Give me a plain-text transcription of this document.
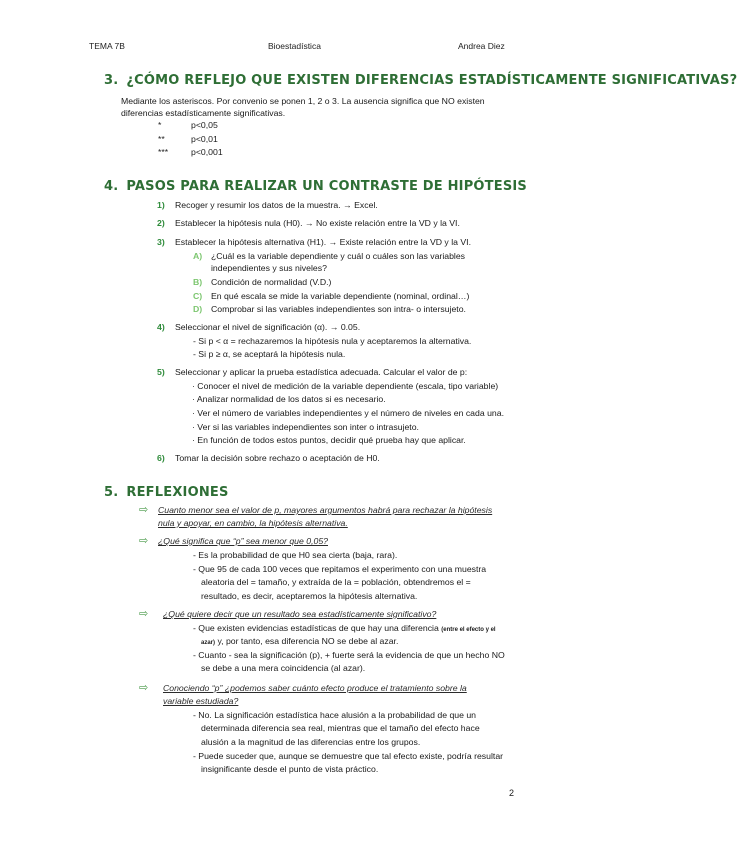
TEMA 7B	Bioestadística	Andrea Diez
3. ¿CÓMO REFLEJO QUE EXISTEN DIFERENCIAS ESTADÍSTICAMENTE SIGNIFICATIVAS?
Mediante los asteriscos. Por convenio se ponen 1, 2 o 3. La ausencia significa que NO existen
diferencias estadísticamente significativas.
*	p<0,05
**	p<0,01
***	p<0,001
4. PASOS PARA REALIZAR UN CONTRASTE DE HIPÓTESIS
1) Recoger y resumir los datos de la muestra. → Excel.
2) Establecer la hipótesis nula (H0). → No existe relación entre la VD y la VI.
3) Establecer la hipótesis alternativa (H1). → Existe relación entre la VD y la VI.
A) ¿Cuál es la variable dependiente y cuál o cuáles son las variables
independientes y sus niveles?
B) Condición de normalidad (V.D.)
C) En qué escala se mide la variable dependiente (nominal, ordinal…)
D) Comprobar si las variables independientes son intra- o intersujeto.
4) Seleccionar el nivel de significación (α). → 0.05.
- Si p < α = rechazaremos la hipótesis nula y aceptaremos la alternativa.
- Si p ≥ α, se aceptará la hipótesis nula.
5) Seleccionar y aplicar la prueba estadística adecuada. Calcular el valor de p:
· Conocer el nivel de medición de la variable dependiente (escala, tipo variable)
· Analizar normalidad de los datos si es necesario.
· Ver el número de variables independientes y el número de niveles en cada una.
· Ver si las variables independientes son inter o intrasujeto.
· En función de todos estos puntos, decidir qué prueba hay que aplicar.
6) Tomar la decisión sobre rechazo o aceptación de H0.
5. REFLEXIONES
⇨ Cuanto menor sea el valor de p, mayores argumentos habrá para rechazar la hipótesis
nula y apoyar, en cambio, la hipótesis alternativa.
⇨ ¿Qué significa que “p” sea menor que 0,05?
- Es la probabilidad de que H0 sea cierta (baja, rara).
- Que 95 de cada 100 veces que repitamos el experimento con una muestra
aleatoria del = tamaño, y extraída de la = población, obtendremos el =
resultado, es decir, aceptaremos la hipótesis alternativa.
⇨ ¿Qué quiere decir que un resultado sea estadísticamente significativo?
- Que existen evidencias estadísticas de que hay una diferencia (entre el efecto y el
azar) y, por tanto, esa diferencia NO se debe al azar.
- Cuanto - sea la significación (p), + fuerte será la evidencia de que un hecho NO
se debe a una mera coincidencia (al azar).
⇨ Conociendo “p” ¿podemos saber cuánto efecto produce el tratamiento sobre la
variable estudiada?
- No. La significación estadística hace alusión a la probabilidad de que un
determinada diferencia sea real, mientras que el tamaño del efecto hace
alusión a la magnitud de las diferencias entre los grupos.
- Puede suceder que, aunque se demuestre que tal efecto existe, podría resultar
insignificante desde el punto de vista práctico.
2
